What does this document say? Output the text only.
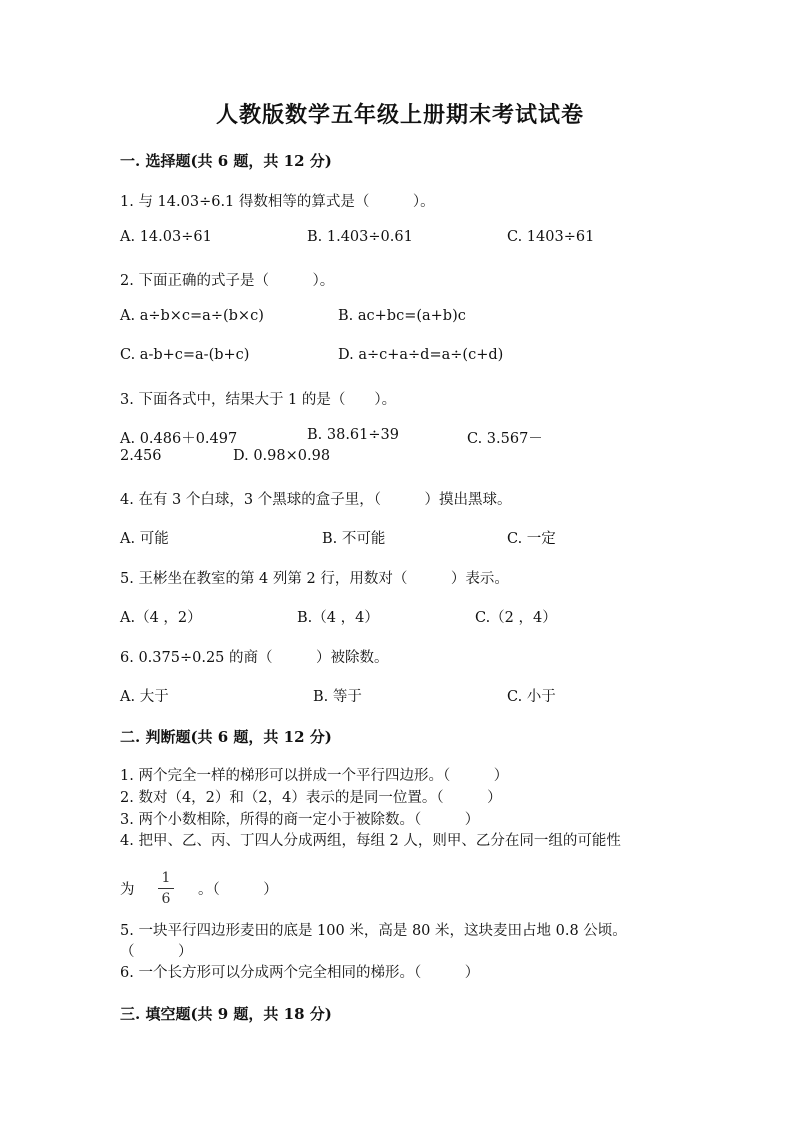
人教版数学五年级上册期末考试试卷
一. 选择题(共 6 题，共 12 分)
1. 与 14.03÷6.1 得数相等的算式是（　　　）。
A. 14.03÷61	B. 1.403÷0.61	C. 1403÷61
2. 下面正确的式子是（　　　）。
A. a÷b×c=a÷(b×c)	B. ac+bc=(a+b)c
C. a-b+c=a-(b+c)	D. a÷c+a÷d=a÷(c+d)
3. 下面各式中，结果大于 1 的是（　　）。
A. 0.486＋0.497	B. 38.61÷39	C. 3.567－
2.456	D. 0.98×0.98
4. 在有 3 个白球，3 个黑球的盒子里，（　　　）摸出黑球。
A. 可能	B. 不可能	C. 一定
5. 王彬坐在教室的第 4 列第 2 行，用数对（　　　）表示。
A.（4 ，2）	B.（4 ，4）	C.（2 ，4）
6. 0.375÷0.25 的商（　　　）被除数。
A. 大于	B. 等于	C. 小于
二. 判断题(共 6 题，共 12 分)
1. 两个完全一样的梯形可以拼成一个平行四边形。（　　　）
2. 数对（4，2）和（2，4）表示的是同一位置。（　　　）
3. 两个小数相除，所得的商一定小于被除数。（　　　）
4. 把甲、乙、丙、丁四人分成两组，每组 2 人，则甲、乙分在同一组的可能性
为
1
6
。（　　　）
5. 一块平行四边形麦田的底是 100 米，高是 80 米，这块麦田占地 0.8 公顷。
（　　　）
6. 一个长方形可以分成两个完全相同的梯形。（　　　）
三. 填空题(共 9 题，共 18 分)
